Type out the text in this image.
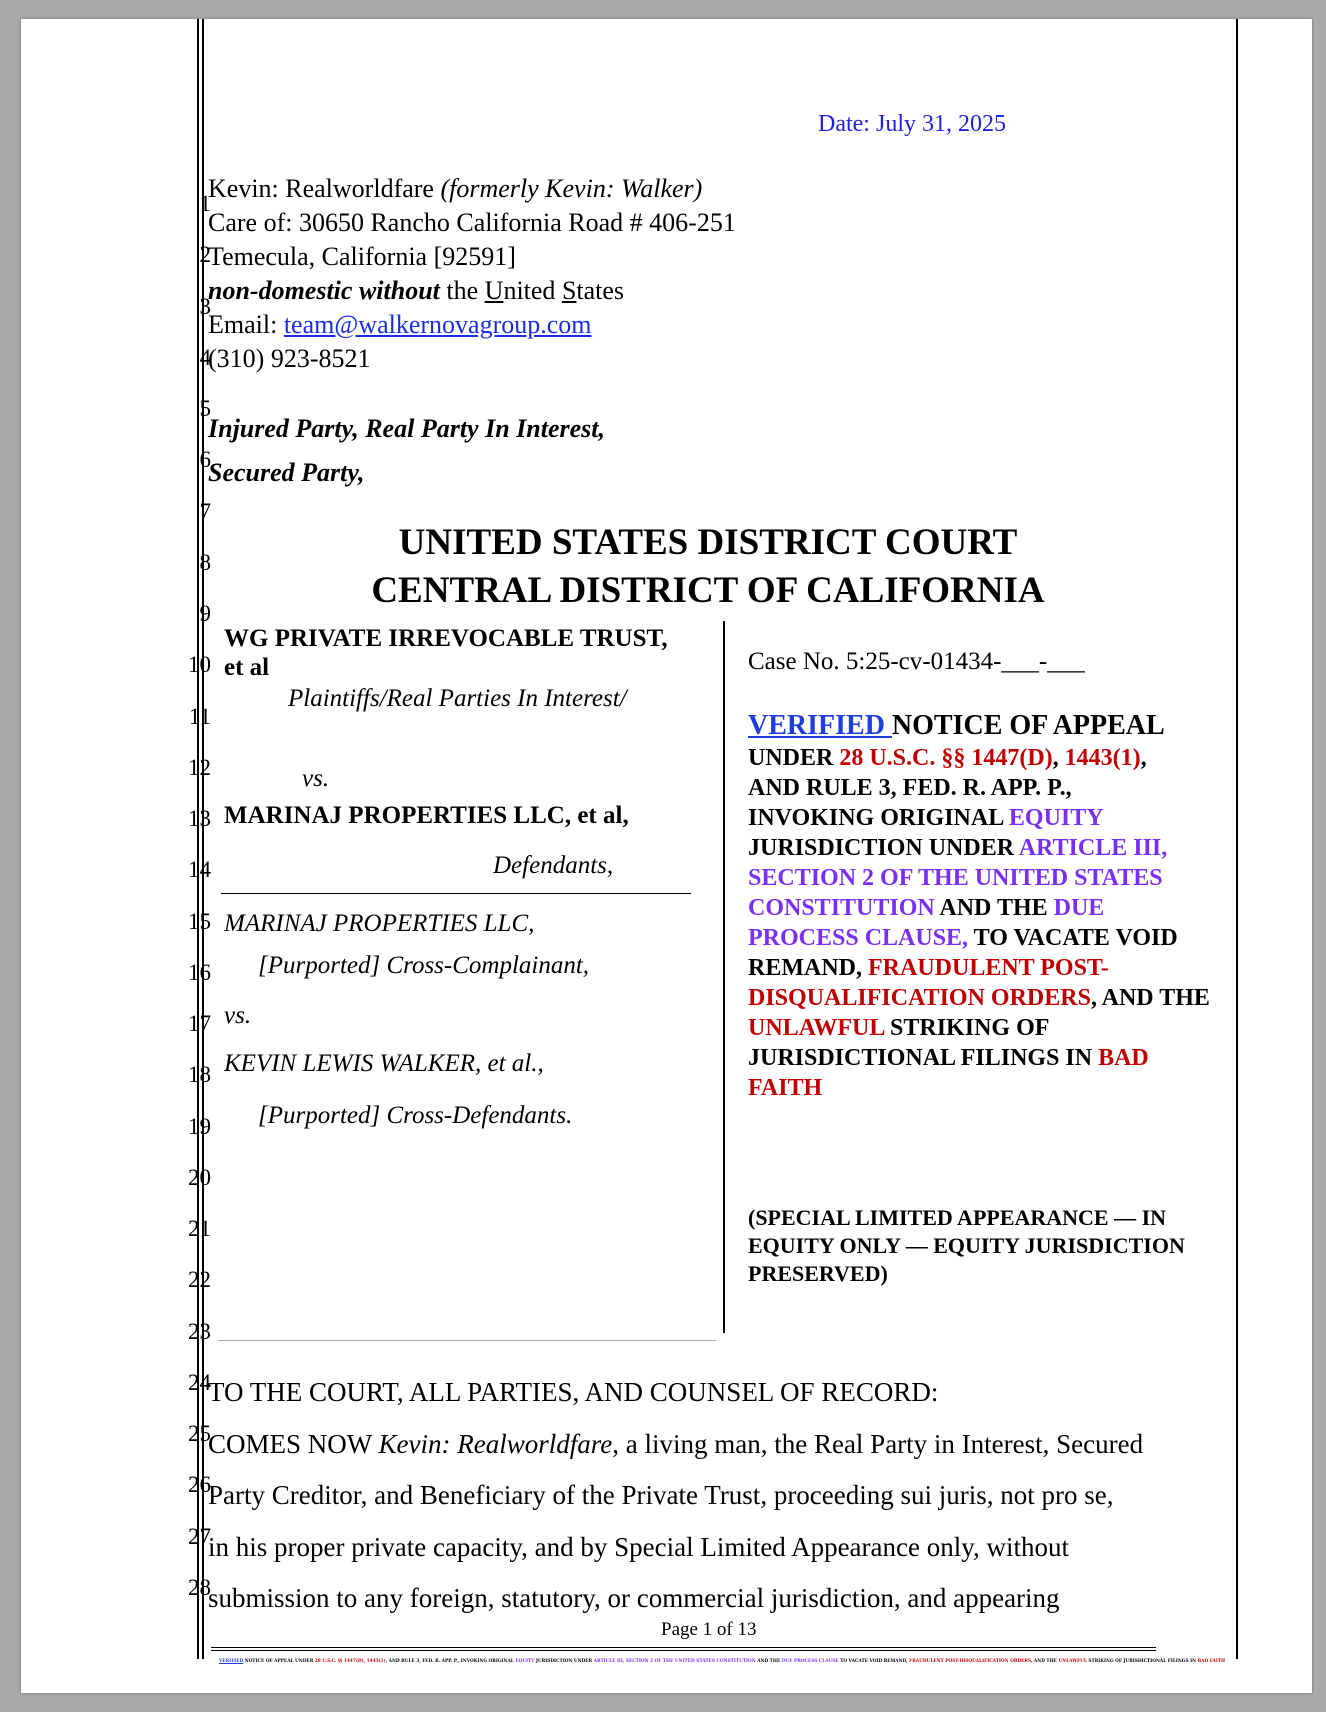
1
2
3
4
5
6
7
8
9
10
11
12
13
14
15
16
17
18
19
20
21
22
23
24
25
26
27
28
Date: July 31, 2025
Kevin: Realworldfare (formerly Kevin: Walker)
Care of: 30650 Rancho California Road # 406-251
Temecula, California [92591]
non-domestic without the United States
Email: team@walkernovagroup.com
(310) 923-8521
Injured Party, Real Party In Interest,
Secured Party,
UNITED STATES DISTRICT COURT
CENTRAL DISTRICT OF CALIFORNIA
WG PRIVATE IRREVOCABLE TRUST,
et al
Plaintiffs/Real Parties In Interest/
vs.
MARINAJ PROPERTIES LLC, et al,
Defendants,
MARINAJ PROPERTIES LLC,
[Purported] Cross-Complainant,
vs.
KEVIN LEWIS WALKER, et al.,
[Purported] Cross-Defendants.
Case No. 5:25-cv-01434-___-___
VERIFIED NOTICE OF APPEAL
UNDER 28 U.S.C. §§ 1447(D), 1443(1),
AND RULE 3, FED. R. APP. P.,
INVOKING ORIGINAL EQUITY
JURISDICTION UNDER ARTICLE III, SECTION 2 OF THE UNITED STATES CONSTITUTION AND THE DUE PROCESS CLAUSE, TO VACATE VOID REMAND, FRAUDULENT POST-DISQUALIFICATION ORDERS, AND THE UNLAWFUL STRIKING OF JURISDICTIONAL FILINGS IN BAD FAITH
(SPECIAL LIMITED APPEARANCE — IN EQUITY ONLY — EQUITY JURISDICTION PRESERVED)
TO THE COURT, ALL PARTIES, AND COUNSEL OF RECORD:
COMES NOW Kevin: Realworldfare, a living man, the Real Party in Interest, Secured
Party Creditor, and Beneficiary of the Private Trust, proceeding sui juris, not pro se,
in his proper private capacity, and by Special Limited Appearance only, without
submission to any foreign, statutory, or commercial jurisdiction, and appearing
Page 1 of 13
VERIFIED NOTICE OF APPEAL UNDER 28 U.S.C. §§ 1447(D), 1443(1), AND RULE 3, FED. R. APP. P., INVOKING ORIGINAL EQUITY JURISDICTION UNDER ARTICLE III, SECTION 2 OF THE UNITED STATES CONSTITUTION AND THE DUE PROCESS CLAUSE TO VACATE VOID REMAND, FRAUDULENT POST-DISQUALIFICATION ORDERS, AND THE UNLAWFUL STRIKING OF JURISDICTIONAL FILINGS IN BAD FAITH
